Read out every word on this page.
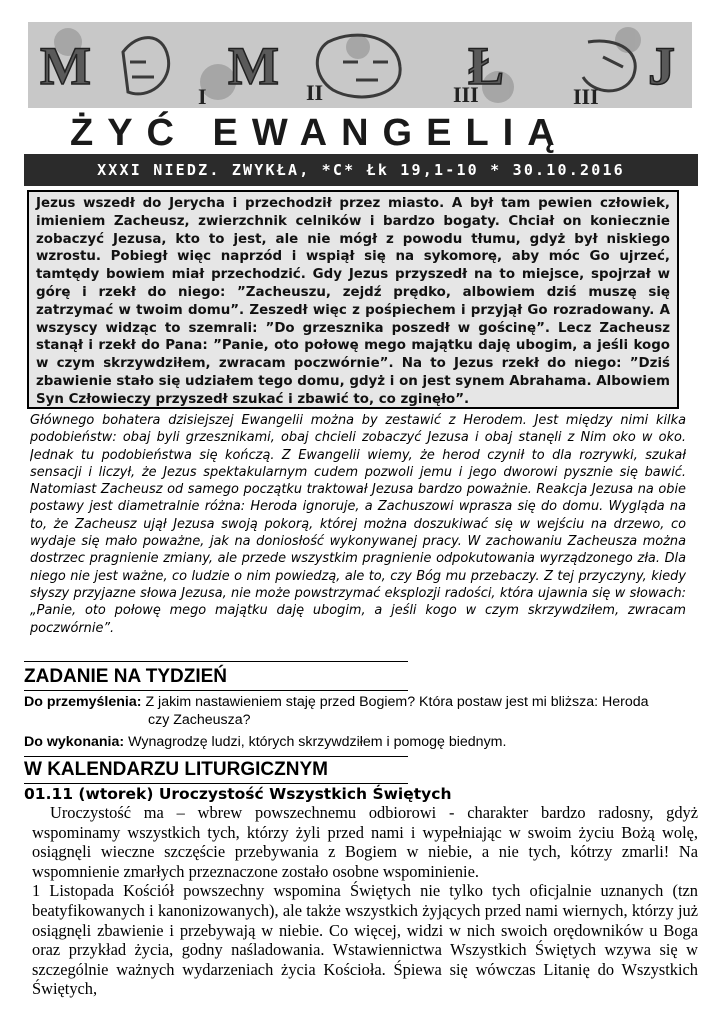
M	M	Ł	J
I	II	III	III
ŻYĆ EWANGELIĄ
XXXI NIEDZ. ZWYKŁA, *C* Łk 19,1-10 * 30.10.2016
Jezus wszedł do Jerycha i przechodził przez miasto. A był tam pewien człowiek, imieniem Zacheusz, zwierzchnik celników i bardzo bogaty. Chciał on koniecznie zobaczyć Jezusa, kto to jest, ale nie mógł z powodu tłumu, gdyż był niskiego wzrostu. Pobiegł więc naprzód i wspiął się na sykomorę, aby móc Go ujrzeć, tamtędy bowiem miał przechodzić. Gdy Jezus przyszedł na to miejsce, spojrzał w górę i rzekł do niego: ”Zacheuszu, zejdź prędko, albowiem dziś muszę się zatrzymać w twoim domu”. Zeszedł więc z pośpiechem i przyjął Go rozradowany. A wszyscy widząc to szemrali: ”Do grzesznika poszedł w gościnę”. Lecz Zacheusz stanął i rzekł do Pana: ”Panie, oto połowę mego majątku daję ubogim, a jeśli kogo w czym skrzywdziłem, zwracam poczwórnie”. Na to Jezus rzekł do niego: ”Dziś zbawienie stało się udziałem tego domu, gdyż i on jest synem Abrahama. Albowiem Syn Człowieczy przyszedł szukać i zbawić to, co zginęło”.
Głównego bohatera dzisiejszej Ewangelii można by zestawić z Herodem. Jest między nimi kilka podobieństw: obaj byli grzesznikami, obaj chcieli zobaczyć Jezusa i obaj stanęli z Nim oko w oko. Jednak tu podobieństwa się kończą. Z Ewangelii wiemy, że herod czynił to dla rozrywki, szukał sensacji i liczył, że Jezus spektakularnym cudem pozwoli jemu i jego dworowi pysznie się bawić. Natomiast Zacheusz od samego początku traktował Jezusa bardzo poważnie. Reakcja Jezusa na obie postawy jest diametralnie różna: Heroda ignoruje, a Zachuszowi wprasza się do domu. Wygląda na to, że Zacheusz ujął Jezusa swoją pokorą, której można doszukiwać się w wejściu na drzewo, co wydaje się mało poważne, jak na doniosłość wykonywanej pracy. W zachowaniu Zacheusza można dostrzec pragnienie zmiany, ale przede wszystkim pragnienie odpokutowania wyrządzonego zła. Dla niego nie jest ważne, co ludzie o nim powiedzą, ale to, czy Bóg mu przebaczy. Z tej przyczyny, kiedy słyszy przyjazne słowa Jezusa, nie może powstrzymać eksplozji radości, która ujawnia się w słowach: „Panie, oto połowę mego majątku daję ubogim, a jeśli kogo w czym skrzywdziłem, zwracam poczwórnie”.
ZADANIE NA TYDZIEŃ
Do przemyślenia: Z jakim nastawieniem staję przed Bogiem? Która postaw jest mi bliższa: Heroda
czy Zacheusza?
Do wykonania: Wynagrodzę ludzi, których skrzywdziłem i pomogę biednym.
W KALENDARZU LITURGICZNYM
01.11 (wtorek) Uroczystość Wszystkich Świętych

Uroczystość ma – wbrew powszechnemu odbiorowi - charakter bardzo radosny, gdyż wspominamy wszystkich tych, którzy żyli przed nami i wypełniając w swoim życiu Bożą wolę, osiągnęli wieczne szczęście przebywania z Bogiem w niebie, a nie tych, kótrzy zmarli! Na wspomnienie zmarłych przeznaczone zostało osobne wspominienie.

1 Listopada Kościół powszechny wspomina Świętych nie tylko tych oficjalnie uznanych (tzn beatyfikowanych i kanonizowanych), ale także wszystkich żyjących przed nami wiernych, którzy już osiągnęli zbawienie i przebywają w niebie. Co więcej, widzi w nich swoich orędowników u Boga oraz przykład życia, godny naśladowania. Wstawiennictwa Wszystkich Świętych wzywa się w szczególnie ważnych wydarzeniach życia Kościoła. Śpiewa się wówczas Litanię do Wszystkich Świętych,
